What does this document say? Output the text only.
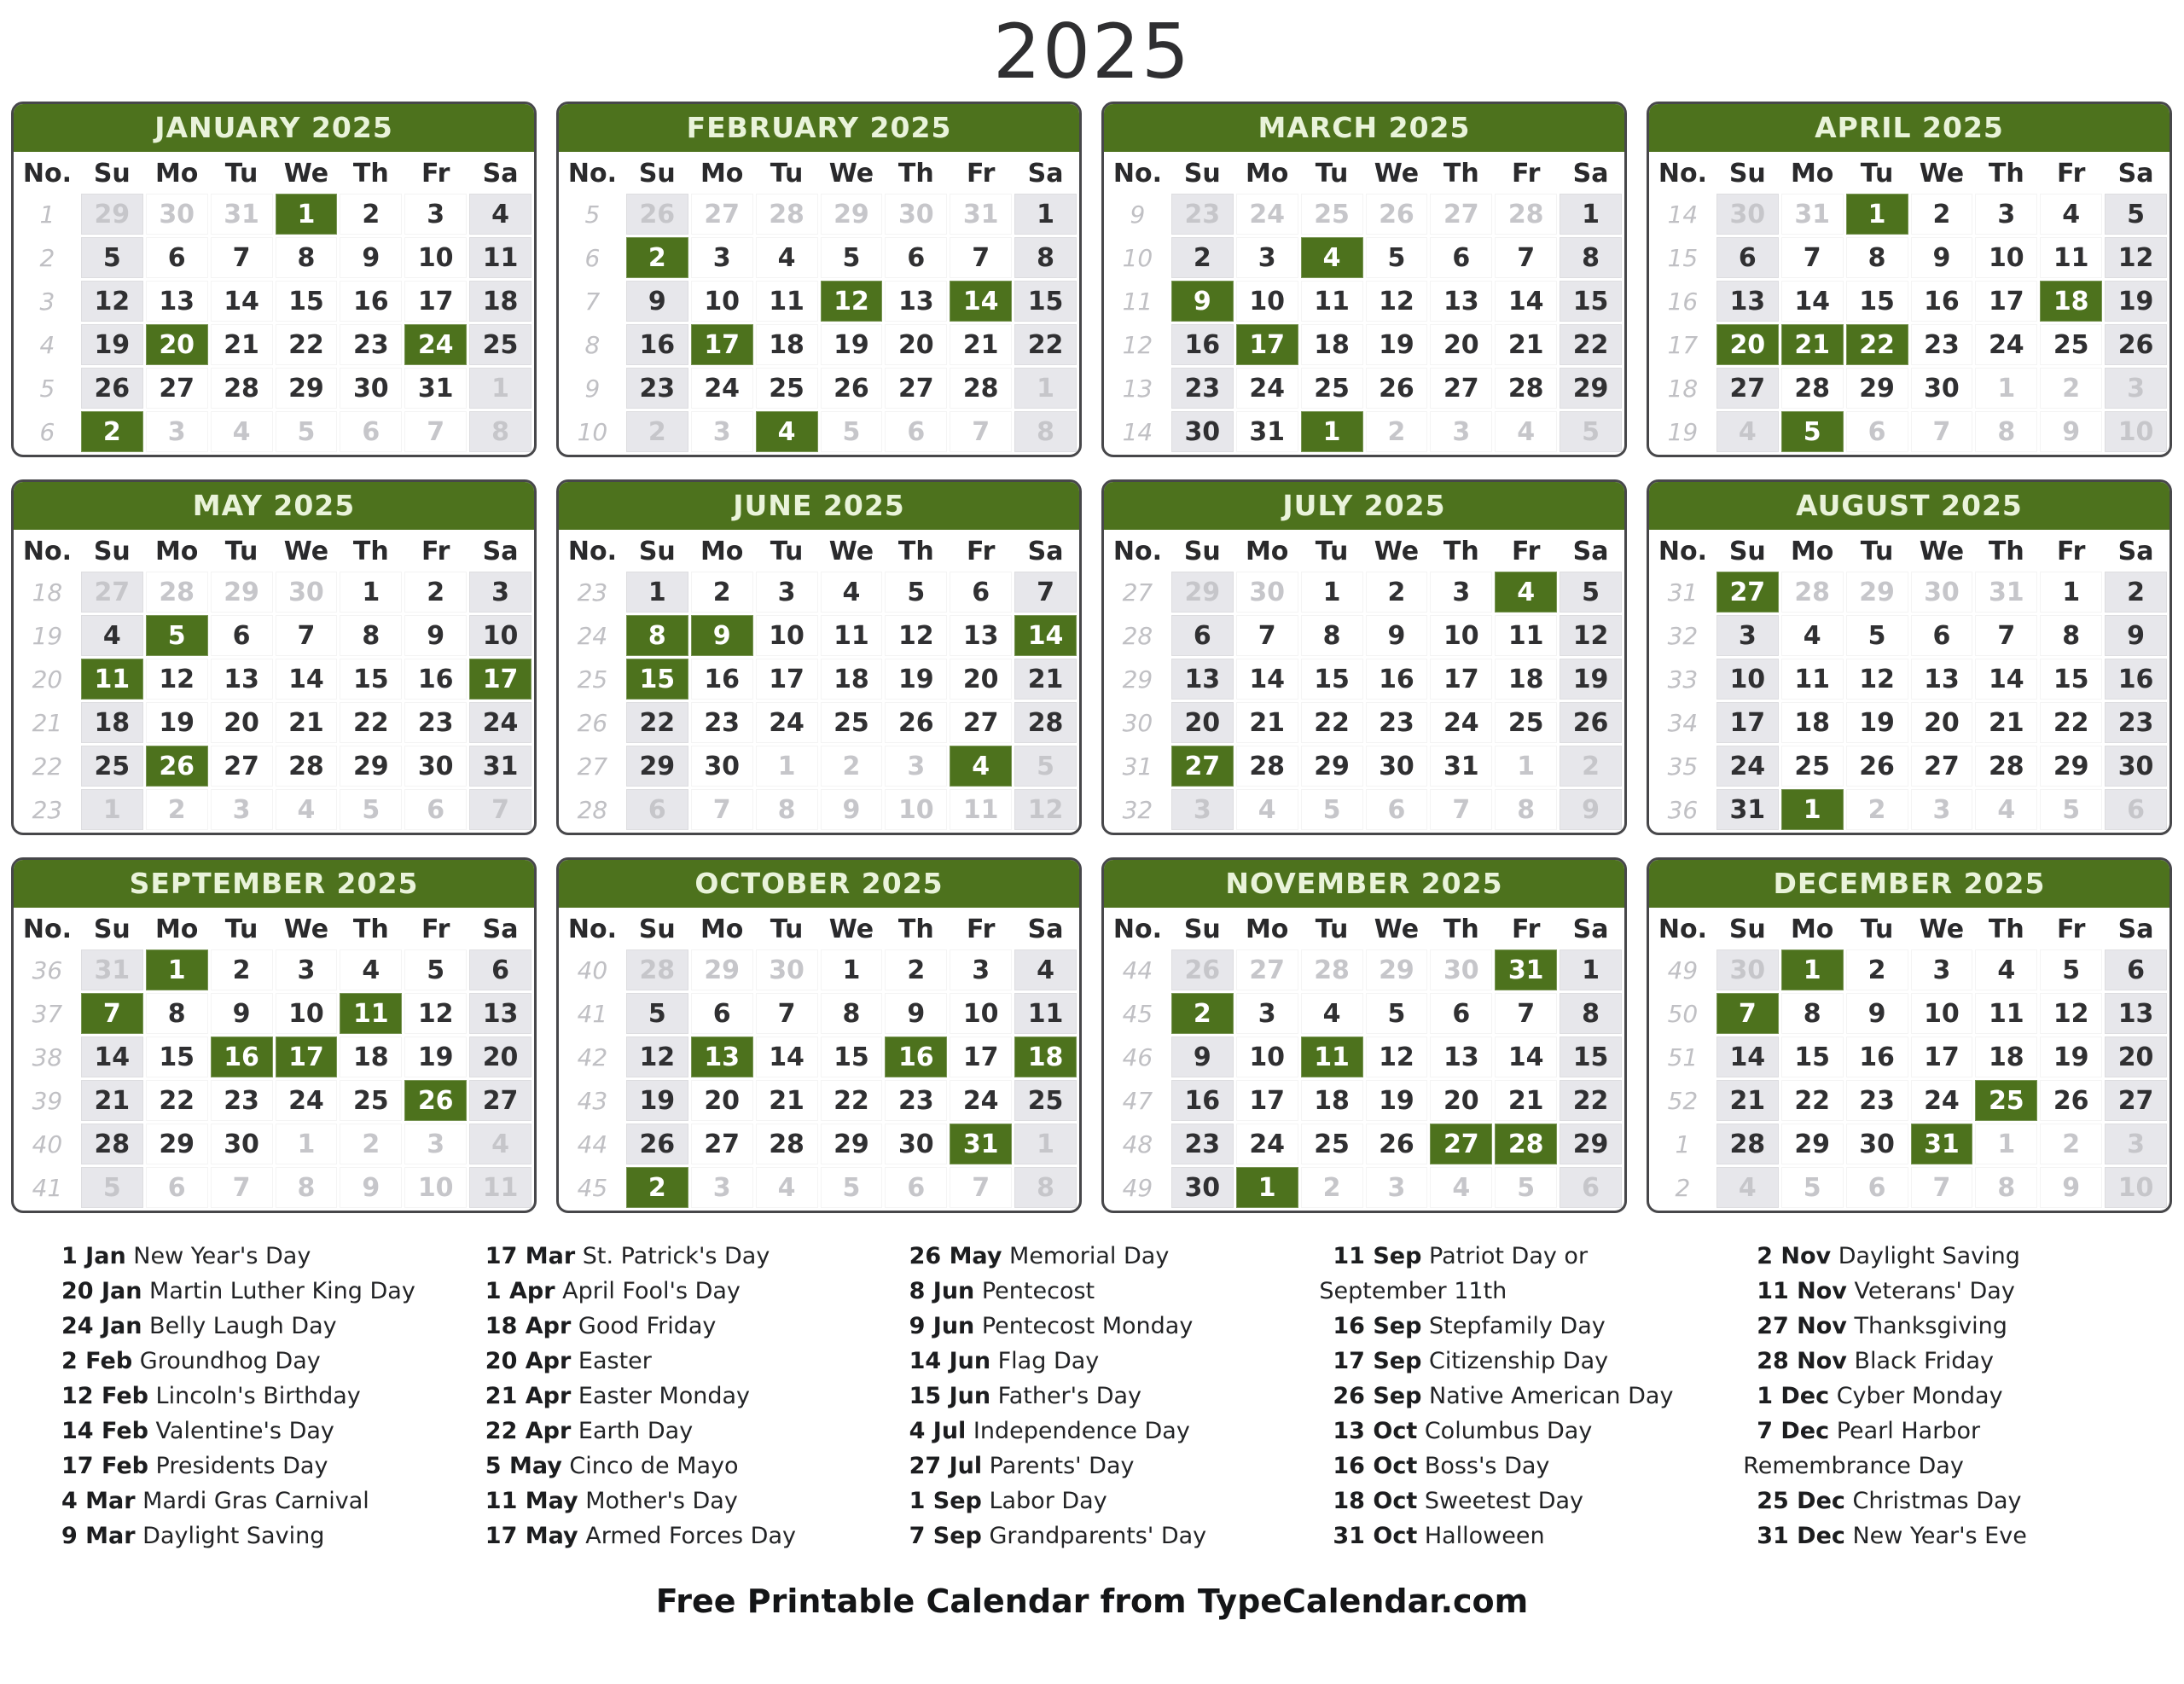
2025
JANUARY 2025
No.	Su	Mo	Tu	We	Th	Fr	Sa
1	29	30	31	1	2	3	4
2	5	6	7	8	9	10	11
3	12	13	14	15	16	17	18
4	19	20	21	22	23	24	25
5	26	27	28	29	30	31	1
6	2	3	4	5	6	7	8
FEBRUARY 2025
No.	Su	Mo	Tu	We	Th	Fr	Sa
5	26	27	28	29	30	31	1
6	2	3	4	5	6	7	8
7	9	10	11	12	13	14	15
8	16	17	18	19	20	21	22
9	23	24	25	26	27	28	1
10	2	3	4	5	6	7	8
MARCH 2025
No.	Su	Mo	Tu	We	Th	Fr	Sa
9	23	24	25	26	27	28	1
10	2	3	4	5	6	7	8
11	9	10	11	12	13	14	15
12	16	17	18	19	20	21	22
13	23	24	25	26	27	28	29
14	30	31	1	2	3	4	5
APRIL 2025
No.	Su	Mo	Tu	We	Th	Fr	Sa
14	30	31	1	2	3	4	5
15	6	7	8	9	10	11	12
16	13	14	15	16	17	18	19
17	20	21	22	23	24	25	26
18	27	28	29	30	1	2	3
19	4	5	6	7	8	9	10
MAY 2025
No.	Su	Mo	Tu	We	Th	Fr	Sa
18	27	28	29	30	1	2	3
19	4	5	6	7	8	9	10
20	11	12	13	14	15	16	17
21	18	19	20	21	22	23	24
22	25	26	27	28	29	30	31
23	1	2	3	4	5	6	7
JUNE 2025
No.	Su	Mo	Tu	We	Th	Fr	Sa
23	1	2	3	4	5	6	7
24	8	9	10	11	12	13	14
25	15	16	17	18	19	20	21
26	22	23	24	25	26	27	28
27	29	30	1	2	3	4	5
28	6	7	8	9	10	11	12
JULY 2025
No.	Su	Mo	Tu	We	Th	Fr	Sa
27	29	30	1	2	3	4	5
28	6	7	8	9	10	11	12
29	13	14	15	16	17	18	19
30	20	21	22	23	24	25	26
31	27	28	29	30	31	1	2
32	3	4	5	6	7	8	9
AUGUST 2025
No.	Su	Mo	Tu	We	Th	Fr	Sa
31	27	28	29	30	31	1	2
32	3	4	5	6	7	8	9
33	10	11	12	13	14	15	16
34	17	18	19	20	21	22	23
35	24	25	26	27	28	29	30
36	31	1	2	3	4	5	6
SEPTEMBER 2025
No.	Su	Mo	Tu	We	Th	Fr	Sa
36	31	1	2	3	4	5	6
37	7	8	9	10	11	12	13
38	14	15	16	17	18	19	20
39	21	22	23	24	25	26	27
40	28	29	30	1	2	3	4
41	5	6	7	8	9	10	11
OCTOBER 2025
No.	Su	Mo	Tu	We	Th	Fr	Sa
40	28	29	30	1	2	3	4
41	5	6	7	8	9	10	11
42	12	13	14	15	16	17	18
43	19	20	21	22	23	24	25
44	26	27	28	29	30	31	1
45	2	3	4	5	6	7	8
NOVEMBER 2025
No.	Su	Mo	Tu	We	Th	Fr	Sa
44	26	27	28	29	30	31	1
45	2	3	4	5	6	7	8
46	9	10	11	12	13	14	15
47	16	17	18	19	20	21	22
48	23	24	25	26	27	28	29
49	30	1	2	3	4	5	6
DECEMBER 2025
No.	Su	Mo	Tu	We	Th	Fr	Sa
49	30	1	2	3	4	5	6
50	7	8	9	10	11	12	13
51	14	15	16	17	18	19	20
52	21	22	23	24	25	26	27
1	28	29	30	31	1	2	3
2	4	5	6	7	8	9	10

1 Jan New Year's Day

20 Jan Martin Luther King Day

24 Jan Belly Laugh Day

2 Feb Groundhog Day

12 Feb Lincoln's Birthday

14 Feb Valentine's Day

17 Feb Presidents Day

4 Mar Mardi Gras Carnival

9 Mar Daylight Saving

17 Mar St. Patrick's Day

1 Apr April Fool's Day

18 Apr Good Friday

20 Apr Easter

21 Apr Easter Monday

22 Apr Earth Day

5 May Cinco de Mayo

11 May Mother's Day

17 May Armed Forces Day

26 May Memorial Day

8 Jun Pentecost

9 Jun Pentecost Monday

14 Jun Flag Day

15 Jun Father's Day

4 Jul Independence Day

27 Jul Parents' Day

1 Sep Labor Day

7 Sep Grandparents' Day

11 Sep Patriot Day or September 11th

16 Sep Stepfamily Day

17 Sep Citizenship Day

26 Sep Native American Day

13 Oct Columbus Day

16 Oct Boss's Day

18 Oct Sweetest Day

31 Oct Halloween

2 Nov Daylight Saving

11 Nov Veterans' Day

27 Nov Thanksgiving

28 Nov Black Friday

1 Dec Cyber Monday

7 Dec Pearl Harbor Remembrance Day

25 Dec Christmas Day

31 Dec New Year's Eve

Free Printable Calendar from TypeCalendar.com
